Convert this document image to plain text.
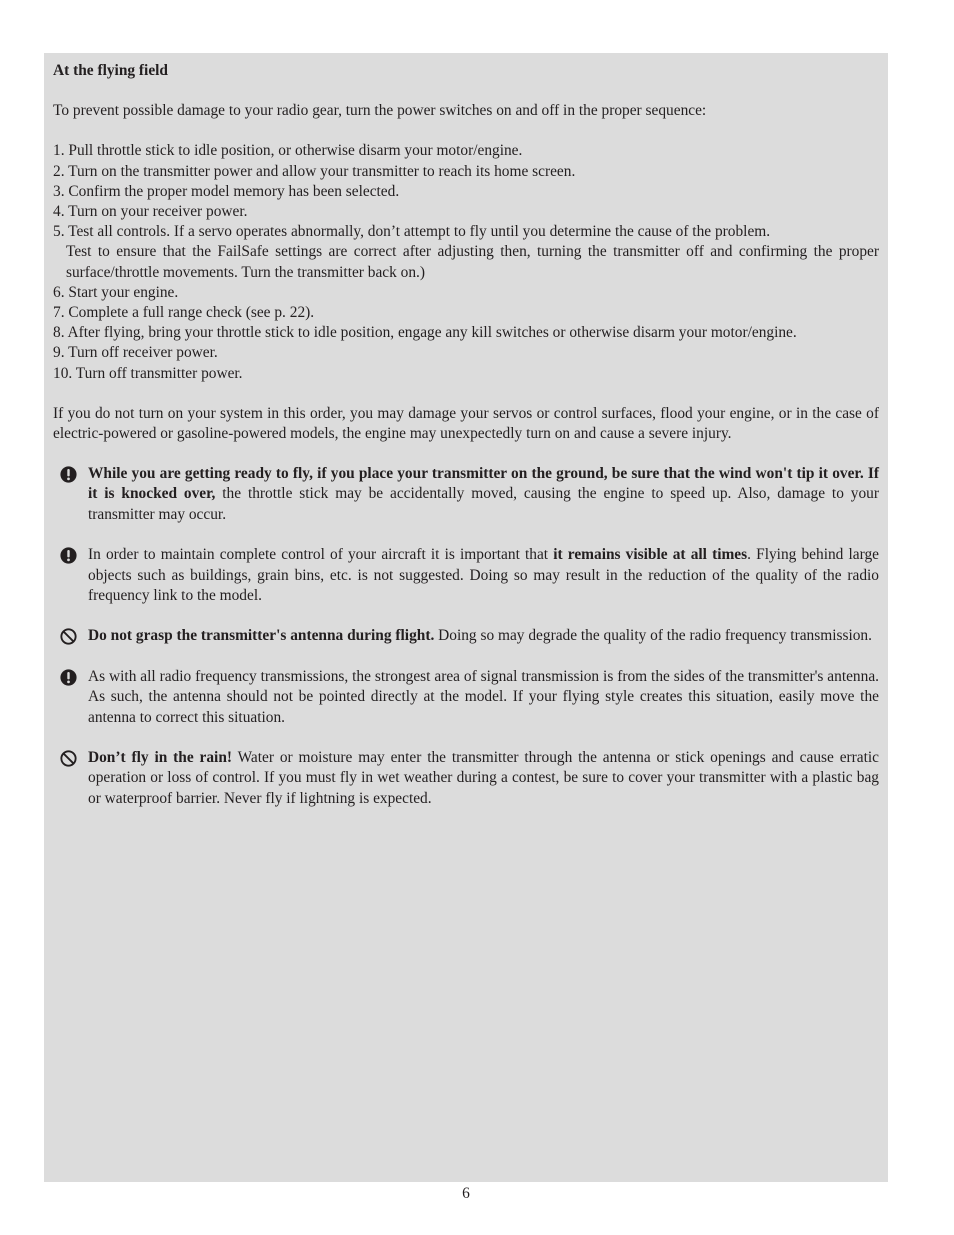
At the flying field

To prevent possible damage to your radio gear, turn the power switches on and off in the proper sequence:

1. Pull throttle stick to idle position, or otherwise disarm your motor/engine.
2. Turn on the transmitter power and allow your transmitter to reach its home screen.
3. Confirm the proper model memory has been selected.
4. Turn on your receiver power.
5. Test all controls. If a servo operates abnormally, don’t attempt to fly until you determine the cause of the problem.
Test to ensure that the FailSafe settings are correct after adjusting then, turning the transmitter off and confirming the proper surface/throttle movements. Turn the transmitter back on.)
6. Start your engine.
7. Complete a full range check (see p. 22).
8. After flying, bring your throttle stick to idle position, engage any kill switches or otherwise disarm your motor/engine.
9. Turn off receiver power.
10. Turn off transmitter power.

If you do not turn on your system in this order, you may damage your servos or control surfaces, flood your engine, or in the case of electric-powered or gasoline-powered models, the engine may unexpectedly turn on and cause a severe injury.

While you are getting ready to fly, if you place your transmitter on the ground, be sure that the wind won't tip it over. If it is knocked over, the throttle stick may be accidentally moved, causing the engine to speed up. Also, damage to your transmitter may occur.

In order to maintain complete control of your aircraft it is important that it remains visible at all times. Flying behind large objects such as buildings, grain bins, etc. is not suggested. Doing so may result in the reduction of the quality of the radio frequency link to the model.

Do not grasp the transmitter's antenna during flight. Doing so may degrade the quality of the radio frequency transmission.

As with all radio frequency transmissions, the strongest area of signal transmission is from the sides of the transmitter's antenna. As such, the antenna should not be pointed directly at the model. If your flying style creates this situation, easily move the antenna to correct this situation.

Don’t fly in the rain! Water or moisture may enter the transmitter through the antenna or stick openings and cause erratic operation or loss of control. If you must fly in wet weather during a contest, be sure to cover your transmitter with a plastic bag or waterproof barrier. Never fly if lightning is expected.

6
